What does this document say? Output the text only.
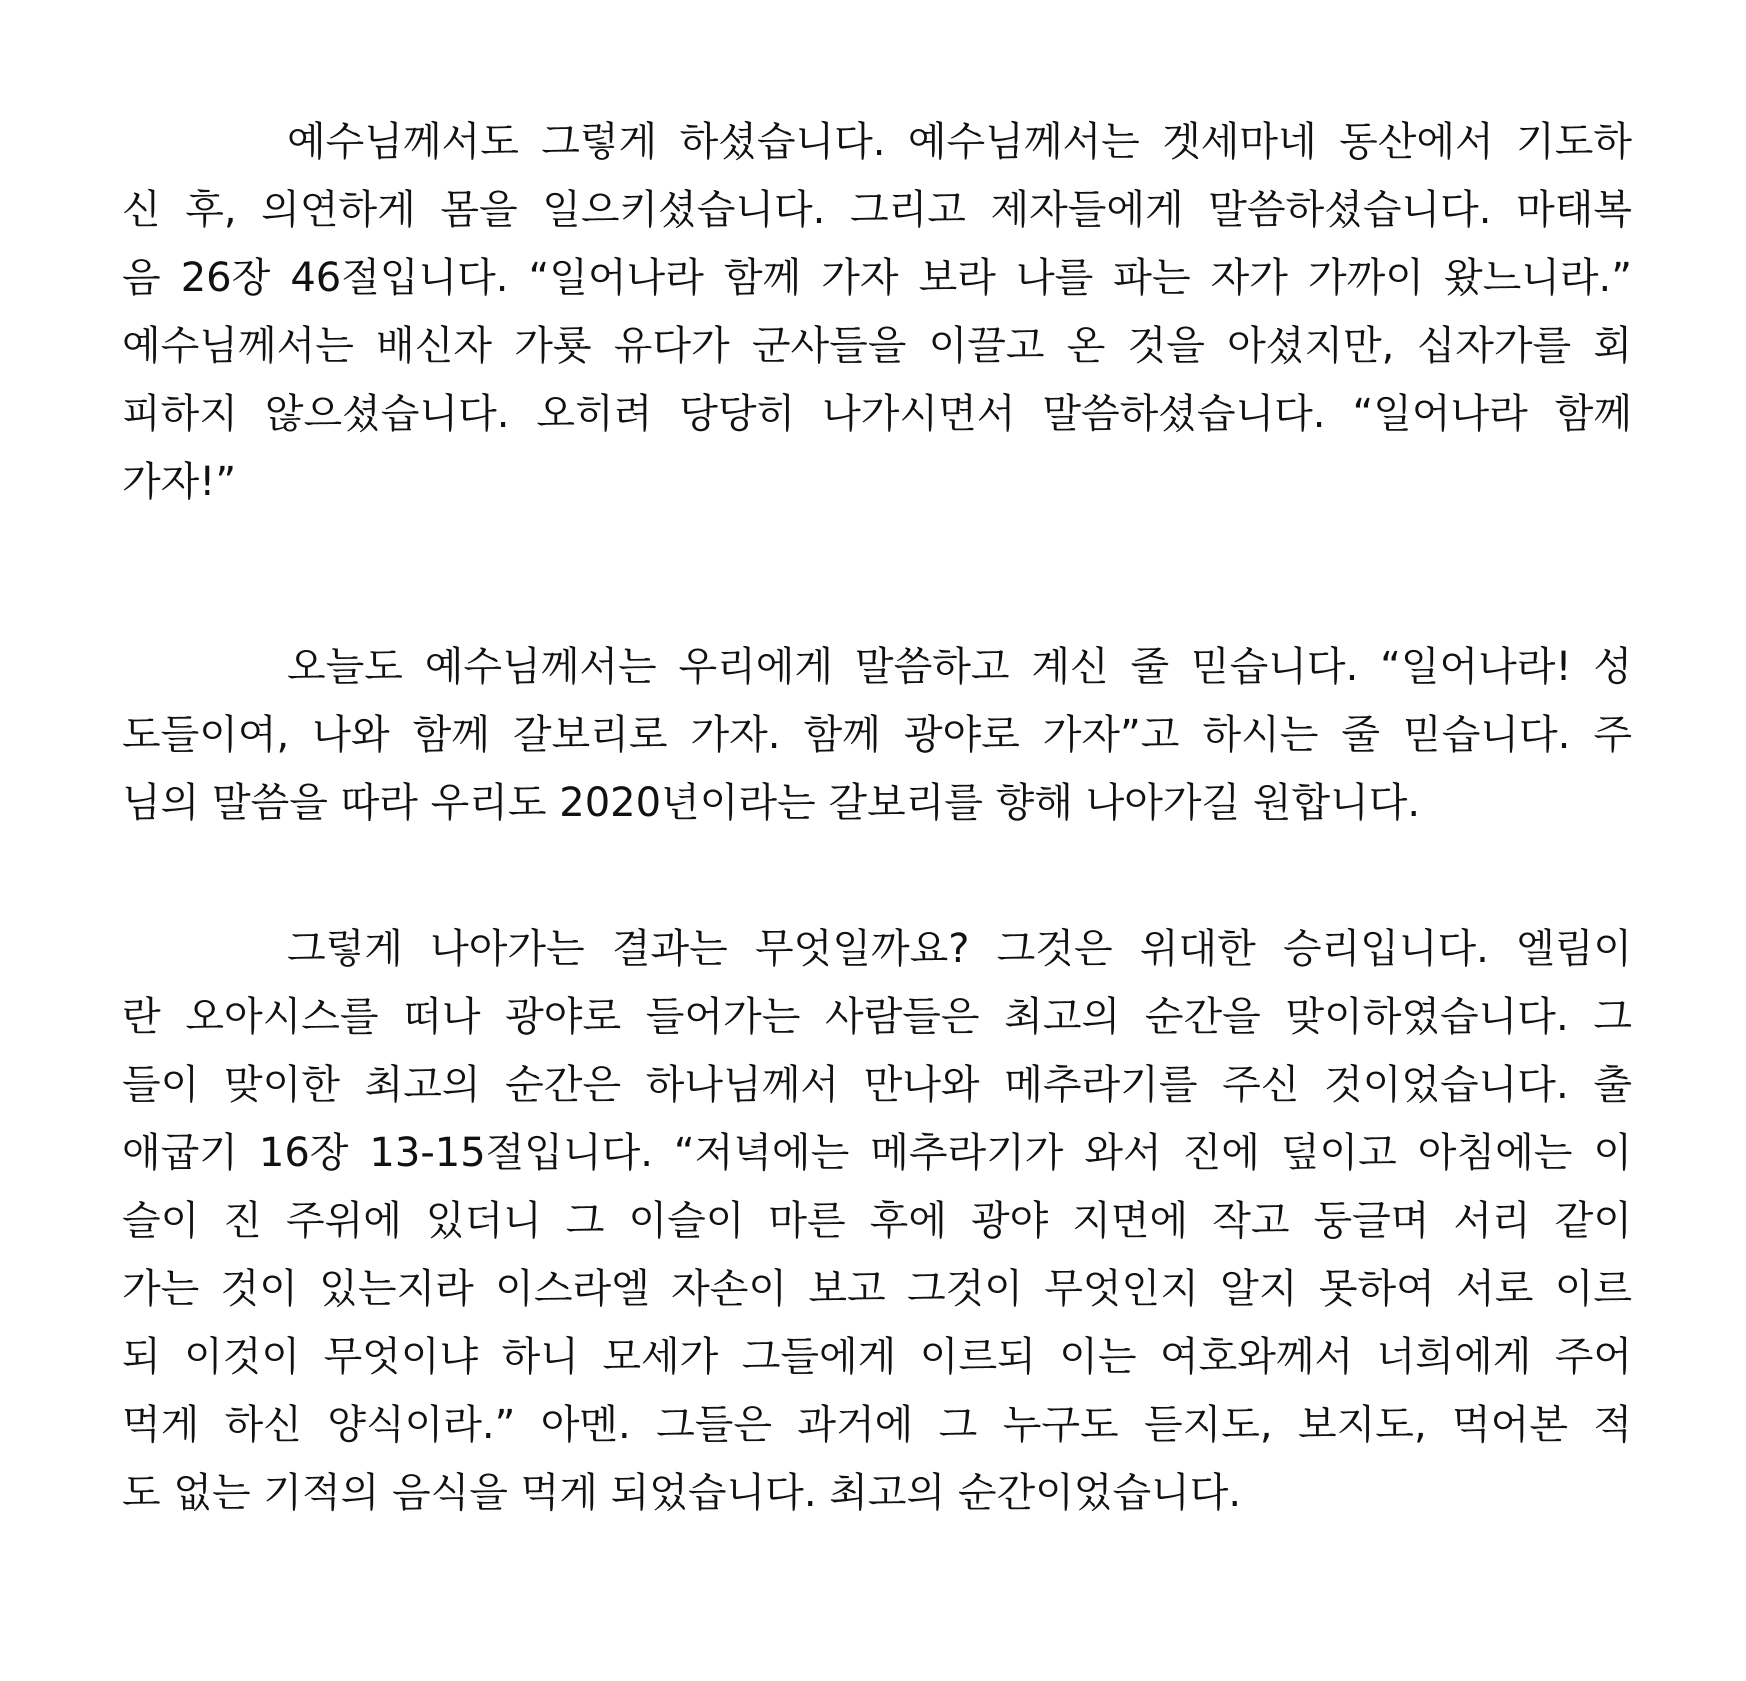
예수님께서도 그렇게 하셨습니다. 예수님께서는 겟세마네 동산에서 기도하
신 후, 의연하게 몸을 일으키셨습니다. 그리고 제자들에게 말씀하셨습니다. 마태복
음 26장 46절입니다. “일어나라 함께 가자 보라 나를 파는 자가 가까이 왔느니라.”
예수님께서는 배신자 가룟 유다가 군사들을 이끌고 온 것을 아셨지만, 십자가를 회
피하지 않으셨습니다. 오히려 당당히 나가시면서 말씀하셨습니다. “일어나라 함께
가자!”
오늘도 예수님께서는 우리에게 말씀하고 계신 줄 믿습니다. “일어나라! 성
도들이여, 나와 함께 갈보리로 가자. 함께 광야로 가자”고 하시는 줄 믿습니다. 주
님의 말씀을 따라 우리도 2020년이라는 갈보리를 향해 나아가길 원합니다.
그렇게 나아가는 결과는 무엇일까요? 그것은 위대한 승리입니다. 엘림이
란 오아시스를 떠나 광야로 들어가는 사람들은 최고의 순간을 맞이하였습니다. 그
들이 맞이한 최고의 순간은 하나님께서 만나와 메추라기를 주신 것이었습니다. 출
애굽기 16장 13-15절입니다. “저녁에는 메추라기가 와서 진에 덮이고 아침에는 이
슬이 진 주위에 있더니 그 이슬이 마른 후에 광야 지면에 작고 둥글며 서리 같이
가는 것이 있는지라 이스라엘 자손이 보고 그것이 무엇인지 알지 못하여 서로 이르
되 이것이 무엇이냐 하니 모세가 그들에게 이르되 이는 여호와께서 너희에게 주어
먹게 하신 양식이라.” 아멘. 그들은 과거에 그 누구도 듣지도, 보지도, 먹어본 적
도 없는 기적의 음식을 먹게 되었습니다. 최고의 순간이었습니다.
